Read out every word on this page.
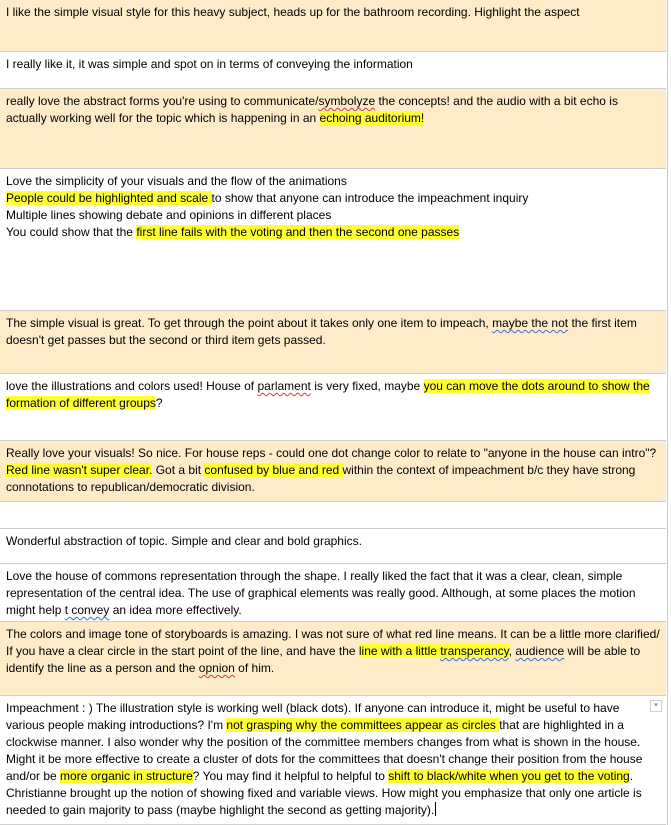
I like the simple visual style for this heavy subject, heads up for the bathroom recording. Highlight the aspect
I really like it, it was simple and spot on in terms of conveying the information
really love the abstract forms you're using to communicate/symbolyze the concepts! and the audio with a bit echo is actually working well for the topic which is happening in an echoing auditorium!
Love the simplicity of your visuals and the flow of the animations
People could be highlighted and scale to show that anyone can introduce the impeachment inquiry
Multiple lines showing debate and opinions in different places
You could show that the first line fails with the voting and then the second one passes
The simple visual is great. To get through the point about it takes only one item to impeach, maybe the not the first item doesn't get passes but the second or third item gets passed.
love the illustrations and colors used! House of parlament is very fixed, maybe you can move the dots around to show the formation of different groups?
Really love your visuals! So nice. For house reps - could one dot change color to relate to "anyone in the house can intro"? Red line wasn't super clear. Got a bit confused by blue and red within the context of impeachment b/c they have strong connotations to republican/democratic division.
Wonderful abstraction of topic. Simple and clear and bold graphics.
Love the house of commons representation through the shape. I really liked the fact that it was a clear, clean, simple representation of the central idea. The use of graphical elements was really good. Although, at some places the motion might help t convey an idea more effectively.
The colors and image tone of storyboards is amazing. I was not sure of what red line means. It can be a little more clarified/ If you have a clear circle in the start point of the line, and have the line with a little transperancy, audience will be able to identify the line as a person and the opnion of him.
Impeachment : ) The illustration style is working well (black dots). If anyone can introduce it, might be useful to have various people making introductions? I'm not grasping why the committees appear as circles that are highlighted in a clockwise manner. I also wonder why the position of the committee members changes from what is shown in the house. Might it be more effective to create a cluster of dots for the committees that doesn't change their position from the house and/or be more organic in structure? You may find it helpful to helpful to shift to black/white when you get to the voting. Christianne brought up the notion of showing fixed and variable views. How might you emphasize that only one article is needed to gain majority to pass (maybe highlight the second as getting majority).
▾
